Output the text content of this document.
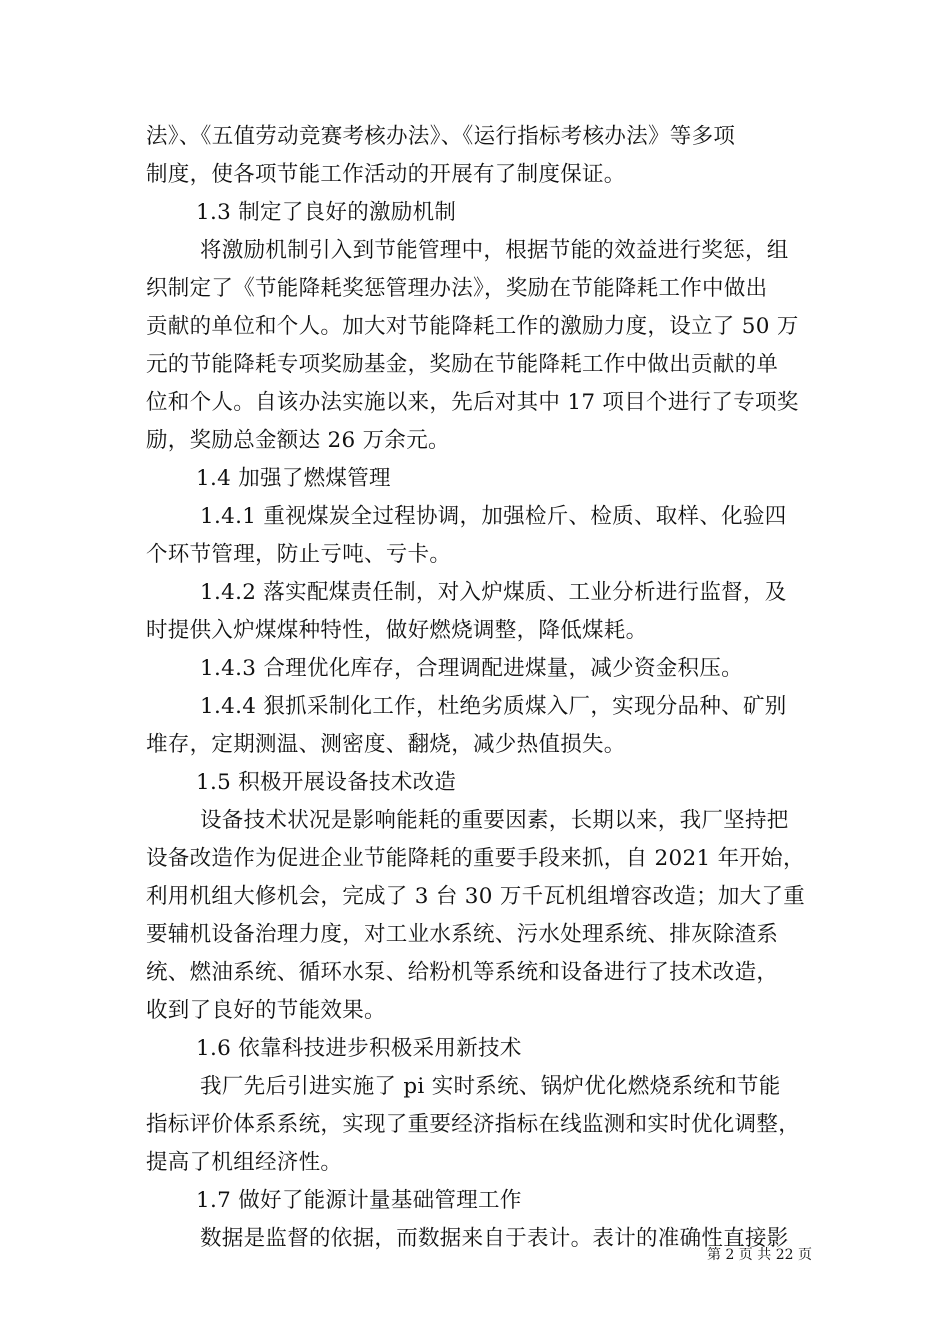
法》、《五值劳动竞赛考核办法》、《运行指标考核办法》等多项
制度，使各项节能工作活动的开展有了制度保证。
1.3 制定了良好的激励机制
将激励机制引入到节能管理中，根据节能的效益进行奖惩，组
织制定了《节能降耗奖惩管理办法》，奖励在节能降耗工作中做出
贡献的单位和个人。加大对节能降耗工作的激励力度，设立了 50 万
元的节能降耗专项奖励基金，奖励在节能降耗工作中做出贡献的单
位和个人。自该办法实施以来，先后对其中 17 项目个进行了专项奖
励，奖励总金额达 26 万余元。
1.4 加强了燃煤管理
1.4.1 重视煤炭全过程协调，加强检斤、检质、取样、化验四
个环节管理，防止亏吨、亏卡。
1.4.2 落实配煤责任制，对入炉煤质、工业分析进行监督，及
时提供入炉煤煤种特性，做好燃烧调整，降低煤耗。
1.4.3 合理优化库存，合理调配进煤量，减少资金积压。
1.4.4 狠抓采制化工作，杜绝劣质煤入厂，实现分品种、矿别
堆存，定期测温、测密度、翻烧，减少热值损失。
1.5 积极开展设备技术改造
设备技术状况是影响能耗的重要因素，长期以来，我厂坚持把
设备改造作为促进企业节能降耗的重要手段来抓，自 2021 年开始，
利用机组大修机会，完成了 3 台 30 万千瓦机组增容改造；加大了重
要辅机设备治理力度，对工业水系统、污水处理系统、排灰除渣系
统、燃油系统、循环水泵、给粉机等系统和设备进行了技术改造，
收到了良好的节能效果。
1.6 依靠科技进步积极采用新技术
我厂先后引进实施了 pi 实时系统、锅炉优化燃烧系统和节能
指标评价体系系统，实现了重要经济指标在线监测和实时优化调整，
提高了机组经济性。
1.7 做好了能源计量基础管理工作
数据是监督的依据，而数据来自于表计。表计的准确性直接影
第 2 页 共 22 页
